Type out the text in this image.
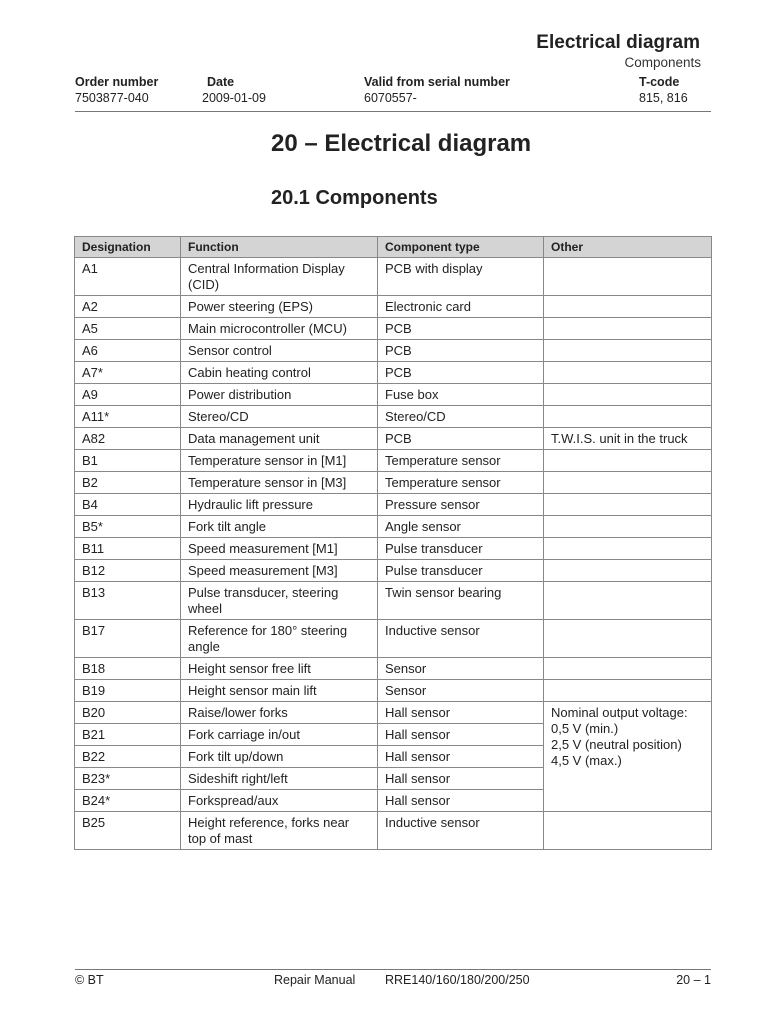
Electrical diagram
Components
Order number
7503877-040
Date
2009-01-09
Valid from serial number
6070557-
T-code
815, 816
20 – Electrical diagram
20.1 Components
Designation	Function	Component type	Other
A1	Central Information Display (CID)	PCB with display	
A2	Power steering (EPS)	Electronic card	
A5	Main microcontroller (MCU)	PCB	
A6	Sensor control	PCB	
A7*	Cabin heating control	PCB	
A9	Power distribution	Fuse box	
A11*	Stereo/CD	Stereo/CD	
A82	Data management unit	PCB	T.W.I.S. unit in the truck
B1	Temperature sensor in [M1]	Temperature sensor	
B2	Temperature sensor in [M3]	Temperature sensor	
B4	Hydraulic lift pressure	Pressure sensor	
B5*	Fork tilt angle	Angle sensor	
B11	Speed measurement [M1]	Pulse transducer	
B12	Speed measurement [M3]	Pulse transducer	
B13	Pulse transducer, steering wheel	Twin sensor bearing	
B17	Reference for 180° steering angle	Inductive sensor	
B18	Height sensor free lift	Sensor	
B19	Height sensor main lift	Sensor	
B20	Raise/lower forks	Hall sensor	Nominal output voltage:
0,5 V (min.)
2,5 V (neutral position)
4,5 V (max.)
B21	Fork carriage in/out	Hall sensor	
B22	Fork tilt up/down	Hall sensor	
B23*	Sideshift right/left	Hall sensor	
B24*	Forkspread/aux	Hall sensor	
B25	Height reference, forks near top of mast	Inductive sensor	
© BT	Repair Manual RRE140/160/180/200/250	20 – 1
